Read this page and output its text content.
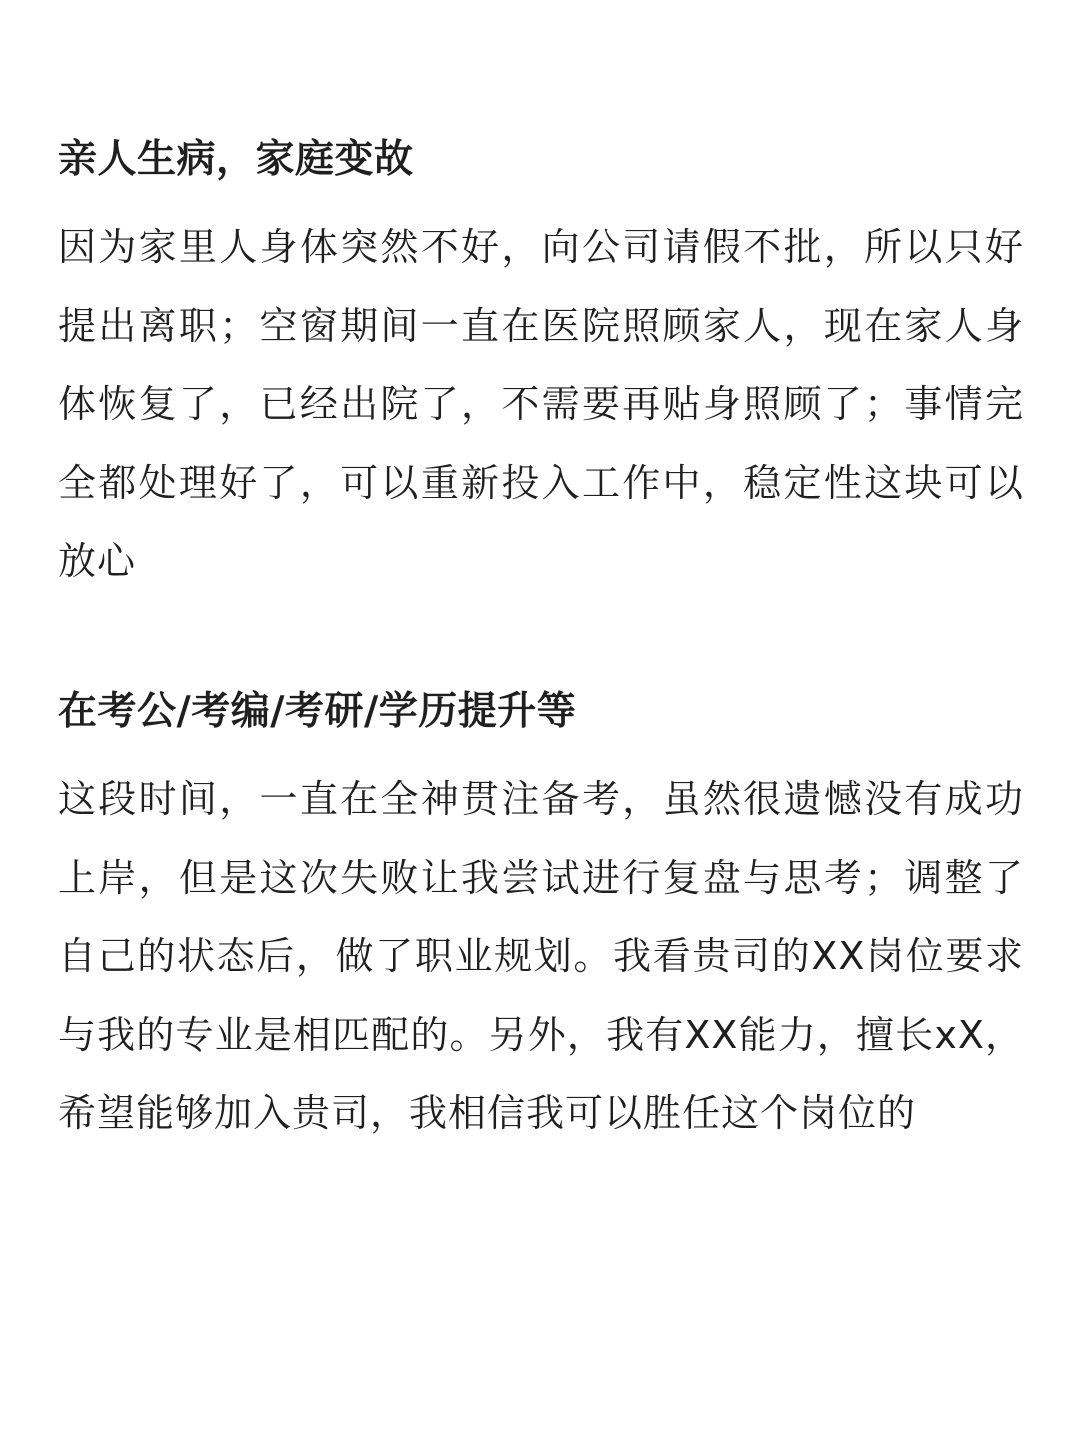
亲人生病，家庭变故

因为家里人身体突然不好，向公司请假不批，所以只好提出离职；空窗期间一直在医院照顾家人，现在家人身体恢复了，已经出院了，不需要再贴身照顾了；事情完全都处理好了，可以重新投入工作中，稳定性这块可以放心

在考公/考编/考研/学历提升等

这段时间，一直在全神贯注备考，虽然很遗憾没有成功上岸，但是这次失败让我尝试进行复盘与思考；调整了自己的状态后，做了职业规划。我看贵司的XX岗位要求与我的专业是相匹配的。另外，我有XX能力，擅长xX，希望能够加入贵司，我相信我可以胜任这个岗位的
